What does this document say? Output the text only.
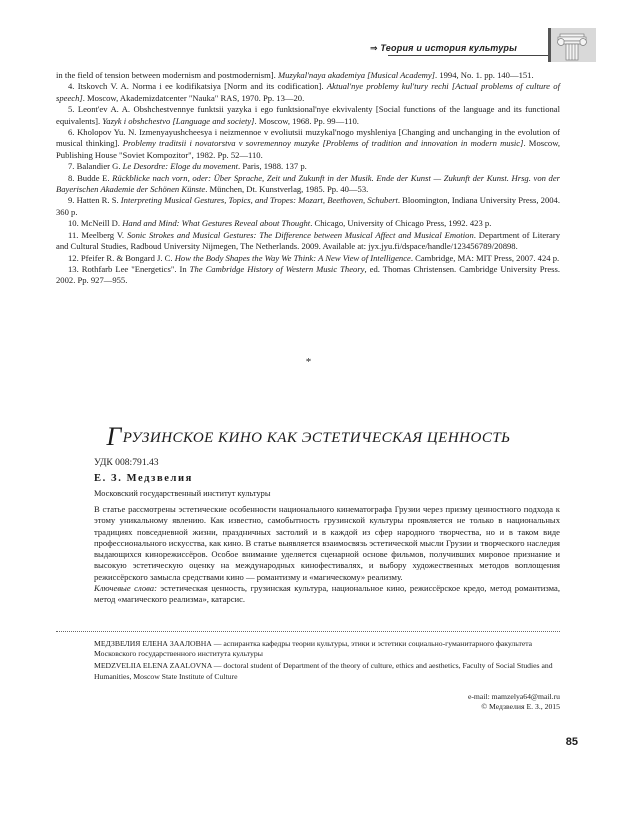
⇒ Теория и история культуры

in the field of tension between modernism and postmodernism]. Muzykal'naya akademiya [Musical Academy]. 1994, No. 1. pp. 140—151.

4. Itskovch V. A. Norma i ee kodifikatsiya [Norm and its codification]. Aktual'nye problemy kul'tury rechi [Actual problems of culture of speech]. Moscow, Akademizdatcenter "Nauka" RAS, 1970. Pp. 13—20.

5. Leont'ev A. A. Obshchestvennye funktsii yazyka i ego funktsional'nye ekvivalenty [Social functions of the language and its functional equivalents]. Yazyk i obshchestvo [Language and society]. Moscow, 1968. Pp. 99—110.

6. Kholopov Yu. N. Izmenyayushcheesya i neizmennoe v evoliutsii muzykal'nogo myshleniya [Changing and unchanging in the evolution of musical thinking]. Problemy traditsii i novatorstva v sovremennoy muzyke [Problems of tradition and innovation in modern music]. Moscow, Publishing House "Soviet Kompozitor", 1982. Pp. 52—110.

7. Balandier G. Le Desordre: Eloge du movement. Paris, 1988. 137 p.

8. Budde E. Rückblicke nach vorn, oder: Über Sprache, Zeit und Zukunft in der Musik. Ende der Kunst — Zukunft der Kunst. Hrsg. von der Bayerischen Akademie der Schönen Künste. München, Dt. Kunstverlag, 1985. Pp. 40—53.

9. Hatten R. S. Interpreting Musical Gestures, Topics, and Tropes: Mozart, Beethoven, Schubert. Bloomington, Indiana University Press, 2004. 360 p.

10. McNeill D. Hand and Mind: What Gestures Reveal about Thought. Chicago, University of Chicago Press, 1992. 423 p.

11. Meelberg V. Sonic Strokes and Musical Gestures: The Difference between Musical Affect and Musical Emotion. Department of Literary and Cultural Studies, Radboud University Nijmegen, The Netherlands. 2009. Available at: jyx.jyu.fi/dspace/handle/123456789/20898.

12. Pfeifer R. & Bongard J. C. How the Body Shapes the Way We Think: A New View of Intelligence. Cambridge, MA: MIT Press, 2007. 424 p.

13. Rothfarb Lee "Energetics". In The Cambridge History of Western Music Theory, ed. Thomas Christensen. Cambridge University Press. 2002. Pp. 927—955.

*
ГРУЗИНСКОЕ КИНО КАК ЭСТЕТИЧЕСКАЯ ЦЕННОСТЬ
УДК 008:791.43
Е. З. Медзвелия
Московский государственный институт культуры

В статье рассмотрены эстетические особенности национального кинематографа Грузии через призму ценностного подхода к этому уникальному явлению. Как известно, самобытность грузинской культуры проявляется не только в национальных традициях повседневной жизни, праздничных застолий и в каждой из сфер народного творчества, но и в таком виде профессионального искусства, как кино. В статье выявляется взаимосвязь эстетической мысли Грузии и творческого наследия выдающихся кинорежиссёров. Особое внимание уделяется сценарной основе фильмов, получивших мировое признание и высокую эстетическую оценку на международных кинофестивалях, и выбору художественных методов воплощения режиссёрского замысла средствами кино — романтизму и «магическому» реализму.

Ключевые слова: эстетическая ценность, грузинская культура, национальное кино, режиссёрское кредо, метод романтизма, метод «магического реализма», катарсис.

МЕДЗВЕЛИЯ ЕЛЕНА ЗААЛОВНА — аспирантка кафедры теории культуры, этики и эстетики социально-гуманитарного факультета Московского государственного института культуры

MEDZVELIIA ELENA ZAALOVNA — doctoral student of Department of the theory of culture, ethics and aesthetics, Faculty of Social Studies and Humanities, Moscow State Institute of Culture

e-mail: mamzelya64@mail.ru
© Медзвелия Е. З., 2015
85
